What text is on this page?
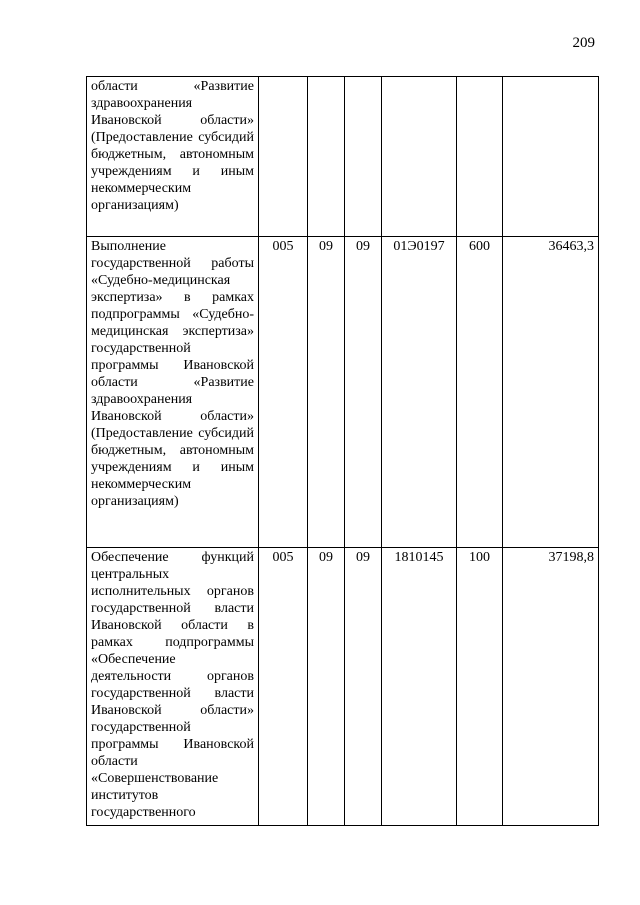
209
области «Развитие здравоохранения Ивановской области» (Предоставление субсидий бюджетным, автономным учреждениям и иным некоммерческим организациям)						
Выполнение государственной работы «Судебно-медицинская экспертиза» в рамках подпрограммы «Судебно-медицинская экспертиза» государственной программы Ивановской области «Развитие здравоохранения Ивановской области» (Предоставление субсидий бюджетным, автономным учреждениям и иным некоммерческим организациям)	005	09	09	01Э0197	600	36463,3
Обеспечение функций центральных исполнительных органов государственной власти Ивановской области в рамках подпрограммы «Обеспечение деятельности органов государственной власти Ивановской области» государственной программы Ивановской области «Совершенствование институтов государственного	005	09	09	1810145	100	37198,8
